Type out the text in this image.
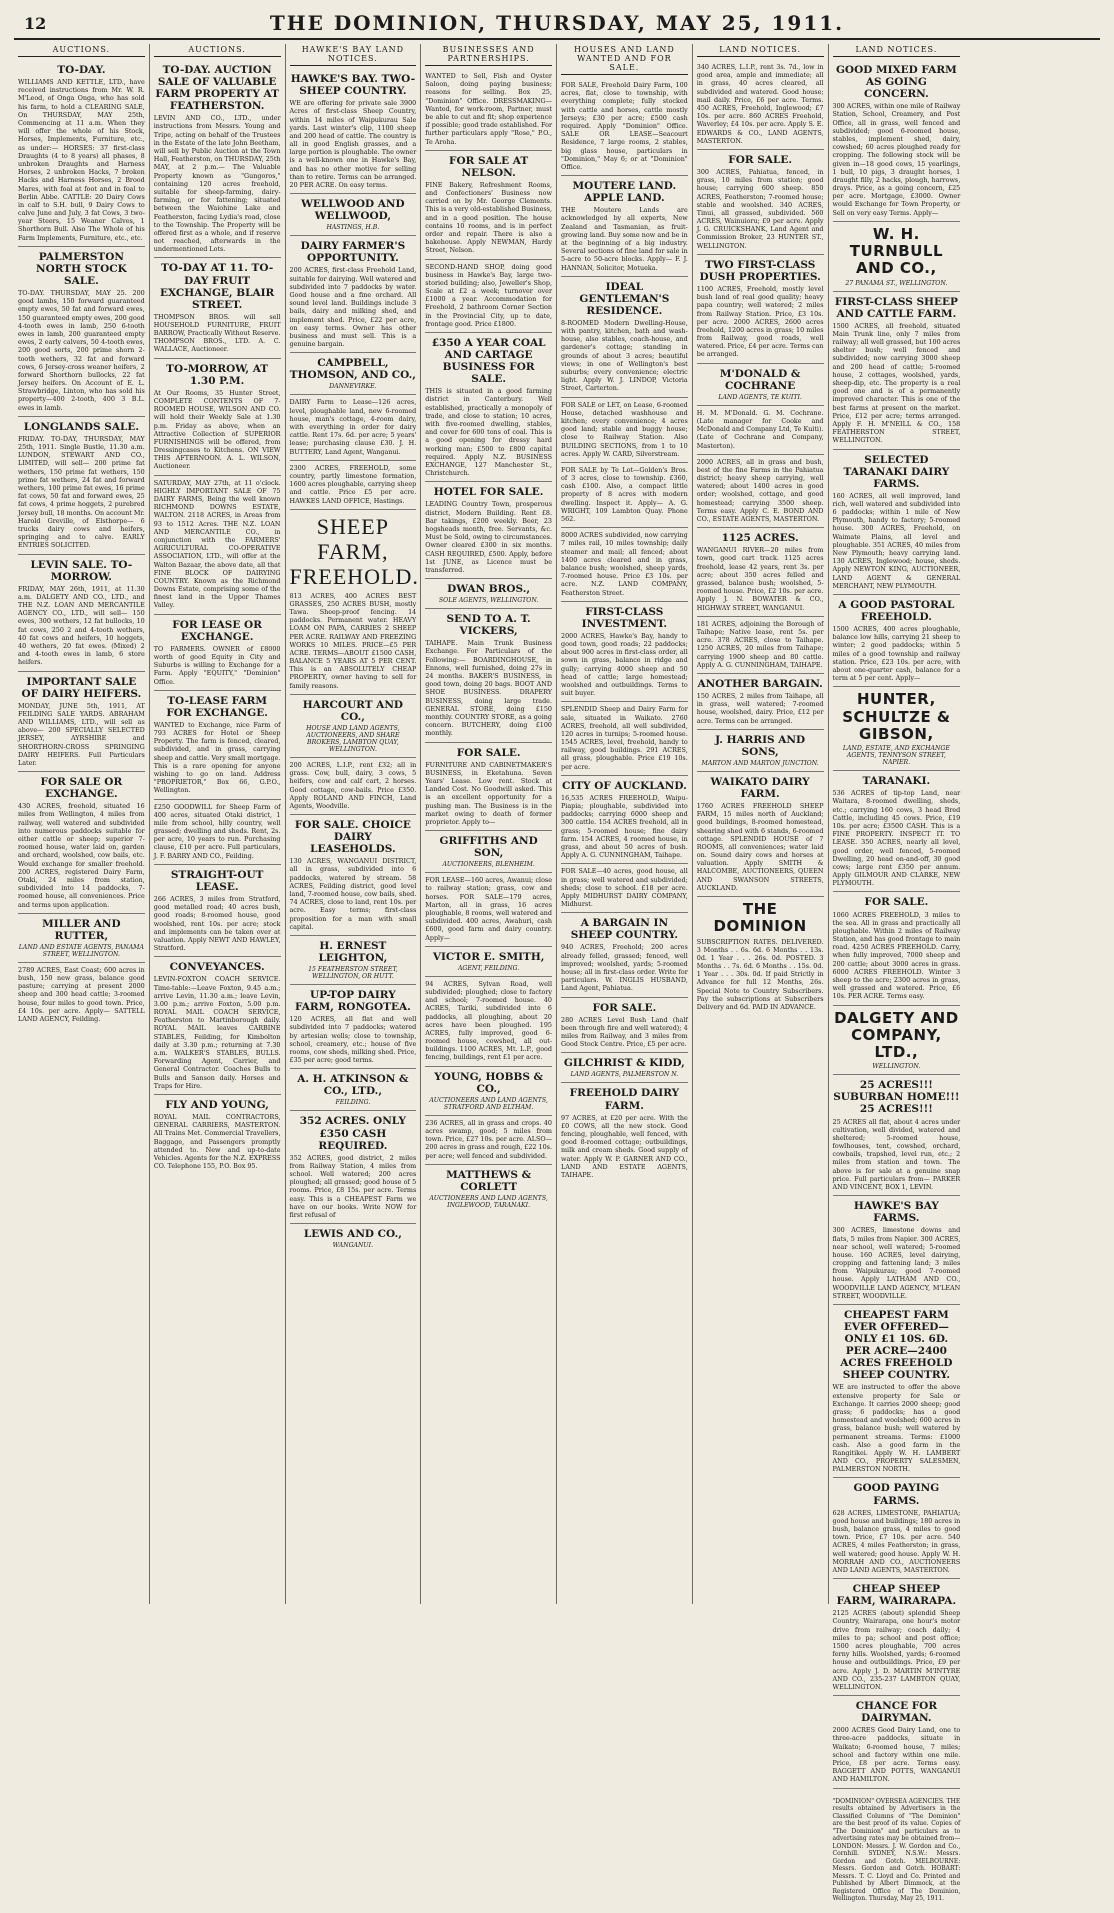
12	THE DOMINION, THURSDAY, MAY 25, 1911.
AUCTIONS.
TO-DAY.

WILLIAMS AND KETTLE, LTD., have received instructions from Mr. W. R. M'Leod, of Onga Onga, who has sold his farm, to hold a CLEARING SALE, On THURSDAY, MAY 25th, Commencing at 11 a.m. When they will offer the whole of his Stock, Horses, Implements, Furniture, etc., as under:— HORSES: 37 first-class Draughts (4 to 8 years) all phases, 8 unbroken Draughts and Harness Horses, 2 unbroken Hacks, 7 broken Hacks and Harness Horses, 2 Brood Mares, with foal at foot and in foal to Berlin Abbe. CATTLE: 20 Dairy Cows in calf to S.H. bull, 9 Dairy Cows to calve June and July, 3 fat Cows, 3 two-year Steers, 15 Weaner Calves, 1 Shorthorn Bull. Also The Whole of his Farm Implements, Furniture, etc., etc.

PALMERSTON NORTH STOCK SALE.

TO-DAY. THURSDAY, MAY 25. 200 good lambs, 150 forward guaranteed empty ewes, 50 fat and forward ewes, 150 guaranteed empty ewes, 200 good 4-tooth ewes in lamb, 250 6-tooth ewes in lamb, 200 guaranteed empty ewes, 2 early calvers, 50 4-tooth ewes, 200 good sorts, 200 prime shorn 2-tooth wethers, 32 fat and forward cows, 6 Jersey-cross weaner heifers, 2 forward Shorthorn bullocks, 22 fat Jersey heifers. On Account of E. L. Strawbridge, Linton, who has sold his property—400 2-tooth, 400 3 B.L. ewes in lamb.

LONGLANDS SALE.

FRIDAY. TO-DAY, THURSDAY, MAY 25th, 1911. Single Bustle, 11.30 a.m. LUNDON, STEWART AND CO., LIMITED, will sell— 200 prime fat wethers, 150 prime fat wethers, 150 prime fat wethers, 24 fat and forward wethers, 100 prime fat ewes, 16 prime fat cows, 50 fat and forward ewes, 25 fat cows, 4 prime hoggets, 2 purebred Jersey bull, 18 months. On account Mr. Harold Greville, of Elsthorpe— 6 trucks dairy cows and heifers, springing and to calve. EARLY ENTRIES SOLICITED.

LEVIN SALE. TO-MORROW.

FRIDAY, MAY 26th, 1911, at 11.30 a.m. DALGETY AND CO., LTD., and THE N.Z. LOAN AND MERCANTILE AGENCY CO., LTD., will sell— 150 ewes, 300 wethers, 12 fat bullocks, 10 fat cows, 250 2 and 4-tooth wethers, 40 fat cows and heifers, 10 hoggets, 40 wethers, 20 fat ewes. (Mixed) 2 and 4-tooth ewes in lamb, 6 store heifers.

IMPORTANT SALE OF DAIRY HEIFERS.

MONDAY, JUNE 5th, 1911, AT FEILDING SALE YARDS. ABRAHAM AND WILLIAMS, LTD., will sell as above— 200 SPECIALLY SELECTED JERSEY, AYRSHIRE and SHORTHORN-CROSS SPRINGING DAIRY HEIFERS. Full Particulars Later.

FOR SALE OR EXCHANGE.

430 ACRES, freehold, situated 16 miles from Wellington, 4 miles from railway, well watered and subdivided into numerous paddocks suitable for either cattle or sheep; superior 7-roomed house, water laid on, garden and orchard, woolshed, cow bails, etc. Would exchange for smaller freehold. 200 ACRES, registered Dairy Farm, Otaki, 24 miles from station, subdivided into 14 paddocks, 7-roomed house, all conveniences. Price and terms upon application.

MILLER AND RUTTER,
LAND AND ESTATE AGENTS, PANAMA STREET, WELLINGTON.

2789 ACRES, East Coast; 600 acres in bush, 150 new grass, balance good pasture; carrying at present 2000 sheep and 300 head cattle; 3-roomed house, four miles to good town. Price, £4 10s. per acre. Apply— SATTELL LAND AGENCY, Feilding.

AUCTIONS.
TO-DAY. AUCTION SALE OF VALUABLE FARM PROPERTY AT FEATHERSTON.

LEVIN AND CO., LTD., under instructions from Messrs. Young and Tripe, acting on behalf of the Trustees in the Estate of the late John Beetham, will sell by Public Auction at the Town Hall, Featherston, on THURSDAY, 25th MAY, at 2 p.m.— The Valuable Property known as "Gungoros," containing 120 acres freehold, suitable for sheep-farming, dairy-farming, or for fattening; situated between the Waiohine Lake and Featherston, facing Lydia's road, close to the Township. The Property will be offered first as a whole, and if reserve not reached, afterwards in the undermentioned Lots.

TO-DAY AT 11. TO-DAY FRUIT EXCHANGE, BLAIR STREET.

THOMPSON BROS. will sell HOUSEHOLD FURNITURE, FRUIT BARROW, Practically Without Reserve. THOMPSON BROS., LTD. A. C. WALLACE, Auctioneer.

TO-MORROW, AT 1.30 P.M.

At Our Rooms, 35 Hunter Street, COMPLETE CONTENTS OF 7-ROOMED HOUSE, WILSON AND CO. will hold their Weekly Sale at 1.30 p.m. Friday as above, when an Attractive Collection of SUPERIOR FURNISHINGS will be offered, from Dressingcases to Kitchens. ON VIEW THIS AFTERNOON. A. L. WILSON, Auctioneer.

SATURDAY, MAY 27th, at 11 o'clock. HIGHLY IMPORTANT SALE OF 75 DAIRY FARMS, Being the well known RICHMOND DOWNS ESTATE, WALTON. 2118 ACRES, in Areas from 93 to 1512 Acres. THE N.Z. LOAN AND MERCANTILE CO., in conjunction with the FARMERS' AGRICULTURAL CO-OPERATIVE ASSOCIATION, LTD., will offer at the Walton Bazaar, the above date, all that FINE BLOCK OF DAIRYING COUNTRY. Known as the Richmond Downs Estate, comprising some of the finest land in the Upper Thames Valley.

FOR LEASE OR EXCHANGE.

TO FARMERS. OWNER of £8000 worth of good Equity in City and Suburbs is willing to Exchange for a Farm. Apply "EQUITY," "Dominion" Office.

TO-LEASE FARM FOR EXCHANGE.

WANTED to Exchange, nice Farm of 793 ACRES for Hotel or Sheep Property. The farm is fenced, cleared, subdivided, and in grass, carrying sheep and cattle. Very small mortgage. This is a rare opening for anyone wishing to go on land. Address "PROPRIETOR," Box 66, G.P.O., Wellington.

£250 GOODWILL for Sheep Farm of 400 acres, situated Otaki district, 1 mile from school, hilly country, well grassed; dwelling and sheds. Rent, 2s. per acre, 10 years to run. Purchasing clause, £10 per acre. Full particulars, J. F. BARRY AND CO., Feilding.

STRAIGHT-OUT LEASE.

266 ACRES, 3 miles from Stratford, good metalled road; 40 acres bush, good roads; 8-roomed house, good woolshed, rent 10s. per acre; stock and implements can be taken over at valuation. Apply NEWT AND HAWLEY, Stratford.

CONVEYANCES.

LEVIN-FOXTON COACH SERVICE. Time-table:—Leave Foxton, 9.45 a.m.; arrive Levin, 11.30 a.m.; leave Levin, 3.00 p.m.; arrive Foxton, 5.00 p.m. ROYAL MAIL COACH SERVICE, Featherston to Martinborough daily. ROYAL MAIL leaves CARBINE STABLES, Feilding, for Kimbolton daily at 3.30 p.m.; returning at 7.30 a.m. WALKER'S STABLES, BULLS. Forwarding Agent, Carrier, and General Contractor. Coaches Bulls to Bulls and Sanson daily. Horses and Traps for Hire.

FLY AND YOUNG,

ROYAL MAIL CONTRACTORS, GENERAL CARRIERS, MASTERTON. All Trains Met. Commercial Travellers, Baggage, and Passengers promptly attended to. New and up-to-date Vehicles. Agents for the N.Z. EXPRESS CO. Telephone 155, P.O. Box 95.

HAWKE'S BAY LAND NOTICES.
HAWKE'S BAY. TWO-SHEEP COUNTRY.

WE are offering for private sale 3900 Acres of first-class Sheep Country, within 14 miles of Waipukurau Sale yards. Last winter's clip, 1100 sheep and 200 head of cattle. The country is all in good English grasses, and a large portion is ploughable. The owner is a well-known one in Hawke's Bay, and has no other motive for selling than to retire. Terms can be arranged. 20 PER ACRE. On easy terms.

WELLWOOD AND WELLWOOD,
HASTINGS, H.B.
DAIRY FARMER'S OPPORTUNITY.

200 ACRES, first-class Freehold Land, suitable for dairying. Well watered and subdivided into 7 paddocks by water. Good house and a fine orchard. All sound level land. Buildings include 3 bails, dairy and milking shed, and implement shed. Price, £22 per acre, on easy terms. Owner has other business and must sell. This is a genuine bargain.

CAMPBELL, THOMSON, AND CO.,
DANNEVIRKE.

DAIRY Farm to Lease—126 acres, level, ploughable land, new 6-roomed house, man's cottage, 4-room dairy, with everything in order for dairy cattle. Rent 17s. 6d. per acre; 5 years' lease; purchasing clause £30. J. H. BUTTERY, Land Agent, Wanganui.

2300 ACRES, FREEHOLD, some country, partly limestone formation, 1600 acres ploughable, carrying sheep and cattle. Price £5 per acre. HAWKES LAND OFFICE, Hastings.

SHEEP FARM, FREEHOLD.

813 ACRES, 400 ACRES BEST GRASSES, 250 ACRES BUSH, mostly Tawa. Sheep-proof fencing. 14 paddocks. Permanent water. HEAVY LOAM ON PAPA, CARRIES 2 SHEEP PER ACRE. RAILWAY AND FREEZING WORKS 10 MILES. PRICE—£5 PER ACRE. TERMS—ABOUT £1500 CASH, BALANCE 5 YEARS AT 5 PER CENT. This is an ABSOLUTELY CHEAP PROPERTY, owner having to sell for family reasons.

HARCOURT AND CO.,
HOUSE AND LAND AGENTS, AUCTIONEERS, AND SHARE BROKERS, LAMBTON QUAY, WELLINGTON.

200 ACRES, L.I.P., rent £32; all in grass. Cow, bull, dairy, 3 cows, 5 heifers, cow and calf cart, 2 horses. Good cottage, cow-bails. Price £350. Apply ROLAND AND FINCH, Land Agents, Woodville.

FOR SALE. CHOICE DAIRY LEASEHOLDS.

130 ACRES, WANGANUI DISTRICT, all in grass, subdivided into 6 paddocks, watered by stream. 58 ACRES, Feilding district, good level land, 7-roomed house, cow bails, shed. 74 ACRES, close to land, rent 10s. per acre. Easy terms; first-class proposition for a man with small capital.

H. ERNEST LEIGHTON,
15 FEATHERSTON STREET, WELLINGTON, OR HUTT.
UP-TOP DAIRY FARM, RONGOTEA.

120 ACRES, all flat and well subdivided into 7 paddocks; watered by artesian wells; close to township, school, creamery, etc.; house of five rooms, cow sheds, milking shed. Price, £35 per acre; good terms.

A. H. ATKINSON & CO., LTD.,
FEILDING.
352 ACRES. ONLY £350 CASH REQUIRED.

352 ACRES, good district, 2 miles from Railway Station, 4 miles from school. Well watered; 200 acres ploughed; all grassed; good house of 5 rooms. Price, £8 15s. per acre. Terms easy. This is a CHEAPEST Farm we have on our books. Write NOW for first refusal of

LEWIS AND CO.,
WANGANUI.
BUSINESSES AND PARTNERSHIPS.

WANTED to Sell, Fish and Oyster Saloon, doing paying business; reasons for selling. Box 25, "Dominion" Office. DRESSMAKING—Wanted, for work-room, Partner, must be able to cut and fit; shop experience if possible; good trade established. For further particulars apply "Rose," P.O., Te Aroha.

FOR SALE AT NELSON.

FINE Bakery, Refreshment Rooms, and Confectioners' Business now carried on by Mr. George Clements. This is a very old-established Business, and in a good position. The house contains 10 rooms, and is in perfect order and repair. There is also a bakehouse. Apply NEWMAN, Hardy Street, Nelson.

SECOND-HAND SHOP, doing good business in Hawke's Bay, large two-storied building; also, Jeweller's Shop, Scale at £2 a week; turnover over £1000 a year. Accommodation for Freehold, 2 bathroom Corner Section in the Provincial City, up to date, frontage good. Price £1800.

£350 A YEAR COAL AND CARTAGE BUSINESS FOR SALE.

THIS is situated in a good farming district in Canterbury. Well established, practically a monopoly of trade, and close to station; 10 acres, with five-roomed dwelling, stables, and cover for 600 tons of coal. This is a good opening for dressy hard working man; £500 to £800 capital required. Apply N.Z. BUSINESS EXCHANGE, 127 Manchester St., Christchurch.

HOTEL FOR SALE.

LEADING Country Town, prosperous district, Modern Building. Rent £8. Bar takings, £200 weekly. Beer, 23 hogsheads month, free. Servants, &c. Must be Sold, owing to circumstances. Owner cleared £300 in six months. CASH REQUIRED, £500. Apply, before 1st JUNE, as Licence must be transferred.

DWAN BROS.,
SOLE AGENTS, WELLINGTON.
SEND TO A. T. VICKERS,

TAIHAPE. Main Trunk Business Exchange. For Particulars of the Following:— BOARDINGHOUSE, in Ennons, well furnished, doing 27s in 24 months. BAKER'S BUSINESS, in good town, doing 20 bags. BOOT AND SHOE BUSINESS. DRAPERY BUSINESS, doing large trade. GENERAL STORE, doing £150 monthly. COUNTRY STORE, as a going concern. BUTCHERY, doing £100 monthly.

FOR SALE.

FURNITURE AND CABINETMAKER'S BUSINESS, in Eketahuna. Seven Years' Lease. Low rent. Stock at Landed Cost. No Goodwill asked. This is an excellent opportunity for a pushing man. The Business is in the market owing to death of former proprietor. Apply to—

GRIFFITHS AND SON,
AUCTIONEERS, BLENHEIM.

FOR LEASE—160 acres, Awanui; close to railway station; grass, cow and horses. FOR SALE—179 acres, Marton, all in grass, 16 acres ploughable, 8 rooms, well watered and subdivided. 400 acres, Awahuri, cash £600, good farm and dairy country. Apply—

VICTOR E. SMITH,
AGENT, FEILDING.

94 ACRES, Sylvan Road, well subdivided; ploughed; close to factory and school; 7-roomed house. 40 ACRES, Tariki, subdivided into 6 paddocks, all ploughing, about 20 acres have been ploughed. 195 ACRES, fully improved, good 6-roomed house, cowshed, all out-buildings. 1100 ACRES, Mt. L.P., good fencing, buildings, rent £1 per acre.

YOUNG, HOBBS & CO.,
AUCTIONEERS AND LAND AGENTS, STRATFORD AND ELTHAM.

236 ACRES, all in grass and crops. 40 acres swamp, good; 5 miles from town. Price, £27 10s. per acre. ALSO—200 acres in grass and rough, £22 10s. per acre; well fenced and subdivided.

MATTHEWS & CORLETT
AUCTIONEERS AND LAND AGENTS, INGLEWOOD, TARANAKI.
HOUSES AND LAND WANTED AND FOR SALE.

FOR SALE, Freehold Dairy Farm, 100 acres, flat, close to township, with everything complete; fully stocked with cattle and horses, cattle mostly Jerseys; £30 per acre; £500 cash required. Apply "Dominion" Office. SALE OR LEASE—Seacourt Residence, 7 large rooms, 2 stables, big glass house, particulars in "Dominion," May 6; or at "Dominion" Office.

MOUTERE LAND. APPLE LAND.

THE Moutere Lands are acknowledged by all experts, New Zealand and Tasmanian, as fruit-growing land. Buy some now and be in at the beginning of a big industry. Several sections of fine land for sale in 5-acre to 50-acre blocks. Apply— F. J. HANNAN, Solicitor, Motueka.

IDEAL GENTLEMAN'S RESIDENCE.

8-ROOMED Modern Dwelling-House, with pantry, kitchen, bath and wash-house, also stables, coach-house, and gardener's cottage; standing in grounds of about 3 acres; beautiful views; in one of Wellington's best suburbs; every convenience; electric light. Apply W. J. LINDOP, Victoria Street, Carterton.

FOR SALE or LET, on Lease, 6-roomed House, detached washhouse and kitchen; every convenience; 4 acres good land; stable and buggy house; close to Railway Station. Also BUILDING SECTIONS, from 1 to 10 acres. Apply W. CARD, Silverstream.

FOR SALE by Te Lot—Golden's Bros. of 3 acres, close to township. £360, cash £100. Also, a compact little property of 8 acres with modern dwelling. Inspect it. Apply— A. G. WRIGHT, 109 Lambton Quay. Phone 562.

8000 ACRES subdivided, now carrying 7 miles rail, 10 miles township; daily steamer and mail; all fenced; about 1400 acres cleared and in grass, balance bush; woolshed, sheep yards, 7-roomed house. Price £3 10s. per acre. N.Z. LAND COMPANY, Featherston Street.

FIRST-CLASS INVESTMENT.

2000 ACRES, Hawke's Bay, handy to good town, good roads; 22 paddocks; about 900 acres in first-class order, all sown in grass, balance in ridge and gully; carrying 4000 sheep and 50 head of cattle; large homestead; woolshed and outbuildings. Terms to suit buyer.

SPLENDID Sheep and Dairy Farm for sale, situated in Waikato. 2760 ACRES, freehold, all well subdivided, 120 acres in turnips; 5-roomed house. 1545 ACRES, level, freehold, handy to railway, good buildings. 291 ACRES, all grass, ploughable. Price £19 10s. per acre.

CITY OF AUCKLAND.

16,535 ACRES FREEHOLD, Waipu-Piapia; ploughable, subdivided into paddocks; carrying 6000 sheep and 300 cattle. 154 ACRES freehold, all in grass; 5-roomed house; fine dairy farm. 154 ACRES, 4 roomed house, in grass, and about 50 acres of bush. Apply A. G. CUNNINGHAM, Taihape.

FOR SALE—40 acres, good house, all in grass; well watered and subdivided; sheds; close to school. £18 per acre. Apply MIDHURST DAIRY COMPANY, Midhurst.

A BARGAIN IN SHEEP COUNTRY.

940 ACRES, Freehold; 200 acres already felled, grassed; fenced, well improved; woolshed, yards; 5-roomed house; all in first-class order. Write for particulars. W. INGLIS HUSBAND, Land Agent, Pahiatua.

FOR SALE.

280 ACRES Level Bush Land (half been through fire and well watered); 4 miles from Railway, and 3 miles from Good Stock Centre. Price, £5 per acre.

GILCHRIST & KIDD,
LAND AGENTS, PALMERSTON N.
FREEHOLD DAIRY FARM.

97 ACRES, at £20 per acre. With the £0 COWS, all the new stock. Good fencing, ploughable, well fenced, with good 8-roomed cottage; outbuildings, milk and cream sheds. Good supply of water. Apply W. P. GARNER AND CO., LAND AND ESTATE AGENTS, TAIHAPE.

LAND NOTICES.

340 ACRES, L.I.P., rent 3s. 7d., low in good area, ample and immediate; all in grass, 40 acres cleared, all subdivided and watered. Good house; mail daily. Price, £6 per acre. Terms. 450 ACRES, Freehold, Inglewood; £7 10s. per acre. 860 ACRES Freehold, Waverley; £4 10s. per acre. Apply S. E. EDWARDS & CO., LAND AGENTS, MASTERTON.

FOR SALE.

300 ACRES, Pahiatua, fenced, in grass, 10 miles from station; good house; carrying 600 sheep. 850 ACRES, Featherston; 7-roomed house; stable and woolshed. 340 ACRES, Tinui, all grassed, subdivided. 560 ACRES, Wainuioru; £9 per acre. Apply J. G. CRUICKSHANK, Land Agent and Commission Broker, 23 HUNTER ST., WELLINGTON.

TWO FIRST-CLASS DUSH PROPERTIES.

1100 ACRES, Freehold, mostly level bush land of real good quality; heavy papa country; well watered; 2 miles from Railway Station. Price, £3 10s. per acre. 2000 ACRES, 2600 acres freehold, 1200 acres in grass; 10 miles from Railway, good roads, well watered. Price, £4 per acre. Terms can be arranged.

M'DONALD & COCHRANE
LAND AGENTS, TE KUITI.

H. M. M'Donald. G. M. Cochrane. (Late manager for Cooke and McDonald and Company Ltd, Te Kuiti). (Late of Cochrane and Company, Masterton).

2000 ACRES, all in grass and bush, best of the fine Farms in the Pahiatua district; heavy sheep carrying, well watered; about 1400 acres in good order; woolshed, cottage, and good homestead; carrying 3500 sheep. Terms easy. Apply C. E. BOND AND CO., ESTATE AGENTS, MASTERTON.

1125 ACRES.

WANGANUI RIVER—20 miles from town, good cart track. 1125 acres freehold, lease 42 years, rent 3s. per acre; about 350 acres felled and grassed, balance bush; woolshed, 5-roomed house. Price, £2 10s. per acre. Apply J. N. BOWATER & CO., HIGHWAY STREET, WANGANUI.

181 ACRES, adjoining the Borough of Taihape; Native lease, rent 5s. per acre. 378 ACRES, close to Taihape. 1250 ACRES, 20 miles from Taihape; carrying 1900 sheep and 80 cattle. Apply A. G. CUNNINGHAM, TAIHAPE.

ANOTHER BARGAIN.

150 ACRES, 2 miles from Taihape, all in grass, well watered; 7-roomed house, woolshed, dairy. Price, £12 per acre. Terms can be arranged.

J. HARRIS AND SONS,
MARTON AND MARTON JUNCTION.
WAIKATO DAIRY FARM.

1760 ACRES FREEHOLD SHEEP FARM, 15 miles north of Auckland; good buildings, 8-roomed homestead, shearing shed with 6 stands, 6-roomed cottage. SPLENDID HOUSE of 7 ROOMS, all conveniences; water laid on. Sound dairy cows and horses at valuation. Apply SMITH & HALCOMBE, AUCTIONEERS, QUEEN AND SWANSON STREETS, AUCKLAND.

THE DOMINION

SUBSCRIPTION RATES. DELIVERED. 3 Months . . 6s. 6d. 6 Months . . 13s. 0d. 1 Year . . . 26s. 0d. POSTED. 3 Months . . 7s. 6d. 6 Months . . 15s. 0d. 1 Year . . . 30s. 0d. If paid Strictly in Advance for full 12 Months, 26s. Special Note to Country Subscribers. Pay the subscriptions at Subscribers Delivery and 6d. PAID IN ADVANCE.

LAND NOTICES.
GOOD MIXED FARM AS GOING CONCERN.

300 ACRES, within one mile of Railway Station, School, Creamery, and Post Office, all in grass, well fenced and subdivided; good 6-roomed house, stables, implement shed, dairy, cowshed; 60 acres ploughed ready for cropping. The following stock will be given in—18 good cows, 15 yearlings, 1 bull, 10 pigs, 3 draught horses, 1 draught filly, 2 hacks, plough, harrows, drays. Price, as a going concern, £25 per acre. Mortgage, £3000. Owner would Exchange for Town Property, or Sell on very easy Terms. Apply—

W. H. TURNBULL AND CO.,
27 PANAMA ST., WELLINGTON.
FIRST-CLASS SHEEP AND CATTLE FARM.

1500 ACRES, all freehold, situated Main Trunk line, only 7 miles from railway; all well grassed, but 100 acres shelter bush; well fenced and subdivided; now carrying 3000 sheep and 200 head of cattle; 5-roomed house, 2 cottages, woolshed, yards, sheep-dip, etc. The property is a real good one and is of a permanently improved character. This is one of the best farms at present on the market. Price, £12 per acre; terms arranged. Apply F. H. M'NEILL & CO., 158 FEATHERSTON STREET, WELLINGTON.

SELECTED TARANAKI DAIRY FARMS.

160 ACRES, all well improved, land rich, well watered and subdivided into 6 paddocks; within 1 mile of New Plymouth, handy to factory; 5-roomed house. 300 ACRES, Freehold, on Waimate Plains, all level and ploughable. 351 ACRES, 40 miles from New Plymouth; heavy carrying land. 130 ACRES, Inglewood; house, sheds. Apply NEWTON KING, AUCTIONEER, LAND AGENT & GENERAL MERCHANT, NEW PLYMOUTH.

A GOOD PASTORAL FREEHOLD.

1500 ACRES, 400 acres ploughable, balance low hills, carrying 21 sheep to winter; 2 good paddocks; within 5 miles of a good township and railway station. Price, £23 10s. per acre, with about one-quarter cash, balance for a term at 5 per cent. Apply—

HUNTER, SCHULTZE & GIBSON,
LAND, ESTATE, AND EXCHANGE AGENTS, TENNYSON STREET, NAPIER.
TARANAKI.

536 ACRES of tip-top Land, near Waitara, 8-roomed dwelling, sheds, etc.; carrying 160 cows, 3 head Bred Cattle, including 45 cows. Price, £19 10s. per acre; £3500 CASH. This is a FINE PROPERTY. INSPECT IT. TO LEASE. 350 ACRES, nearly all level, good order, well fenced, 5-roomed Dwelling, 20 head on-and-off, 30 good cows; large rent £350 per annum. Apply GILMOUR AND CLARKE, NEW PLYMOUTH.

FOR SALE.

1060 ACRES FREEHOLD, 3 miles to the sea. All in grass and practically all ploughable. Within 2 miles of Railway Station, and has good frontage to main road. 4250 ACRES FREEHOLD. Carry, when fully improved, 7000 sheep and 200 cattle; about 3000 acres in grass. 6000 ACRES FREEHOLD. Winter 3 sheep to the acre; 2300 acres in grass, well grassed and watered. Price, £6 10s. PER ACRE. Terms easy.

DALGETY AND COMPANY, LTD.,
WELLINGTON.
25 ACRES!!! SUBURBAN HOME!!! 25 ACRES!!!

25 ACRES all flat, about 4 acres under cultivation, well divided, watered and sheltered; 5-roomed house, fowlhouses, tent, cowshed, orchard, cowbails, trapshed, level run, etc.; 2 miles from station and town. The above is for sale at a genuine snap price. Full particulars from— PARKER AND VINCENT, BOX 1, LEVIN.

HAWKE'S BAY FARMS.

300 ACRES, limestone downs and flats, 5 miles from Napier. 300 ACRES, near school, well watered; 5-roomed house. 160 ACRES, level dairying, cropping and fattening land; 3 miles from Waipukurau; good 7-roomed house. Apply LATHAM AND CO., WOODVILLE LAND AGENCY, M'LEAN STREET, WOODVILLE.

CHEAPEST FARM EVER OFFERED—ONLY £1 10S. 6D. PER ACRE—2400 ACRES FREEHOLD SHEEP COUNTRY.

WE are instructed to offer the above extensive property for Sale or Exchange. It carries 2000 sheep; good grass; 6 paddocks; has a good homestead and woolshed; 600 acres in grass, balance bush; well watered by permanent streams. Terms: £1000 cash. Also a good farm in the Rangitikei. Apply W. H. LAMBERT AND CO., PROPERTY SALESMEN, PALMERSTON NORTH.

GOOD PAYING FARMS.

628 ACRES, LIMESTONE, PAHIATUA; good house and buildings; 180 acres in bush, balance grass, 4 miles to good town. Price, £7 10s. per acre. 540 ACRES, 4 miles Featherston; in grass, well watered; good house. Apply W. H. MORRAH AND CO., AUCTIONEERS AND LAND AGENTS, MASTERTON.

CHEAP SHEEP FARM, WAIRARAPA.

2125 ACRES (about) splendid Sheep Country, Wairarapa, one hour's motor drive from railway; coach daily; 4 miles to pa; school and post office; 1500 acres ploughable, 700 acres ferny hills. Woolshed, yards; 6-roomed house and outbuildings. Price, £9 per acre. Apply J. D. MARTIN M'INTYRE AND CO., 235-237 LAMBTON QUAY, WELLINGTON.

CHANCE FOR DAIRYMAN.

2000 ACRES Good Dairy Land, one to three-acre paddocks, situate in Waikato; 6-roomed house, 7 miles; school and factory within one mile. Price, £8 per acre. Terms easy. BAGGETT AND POTTS, WANGANUI AND HAMILTON.

"DOMINION" OVERSEA AGENCIES. THE results obtained by Advertisers in the Classified Columns of "The Dominion" are the best proof of its value. Copies of "The Dominion" and particulars as to advertising rates may be obtained from— LONDON: Messrs. J. W. Gordon and Co., Cornhill. SYDNEY, N.S.W.: Messrs. Gordon and Gotch. MELBOURNE: Messrs. Gordon and Gotch. HOBART: Messrs. T. C. Lloyd and Co. Printed and Published by Albert Dimmock, at the Registered Office of The Dominion, Wellington. Thursday, May 25, 1911.
